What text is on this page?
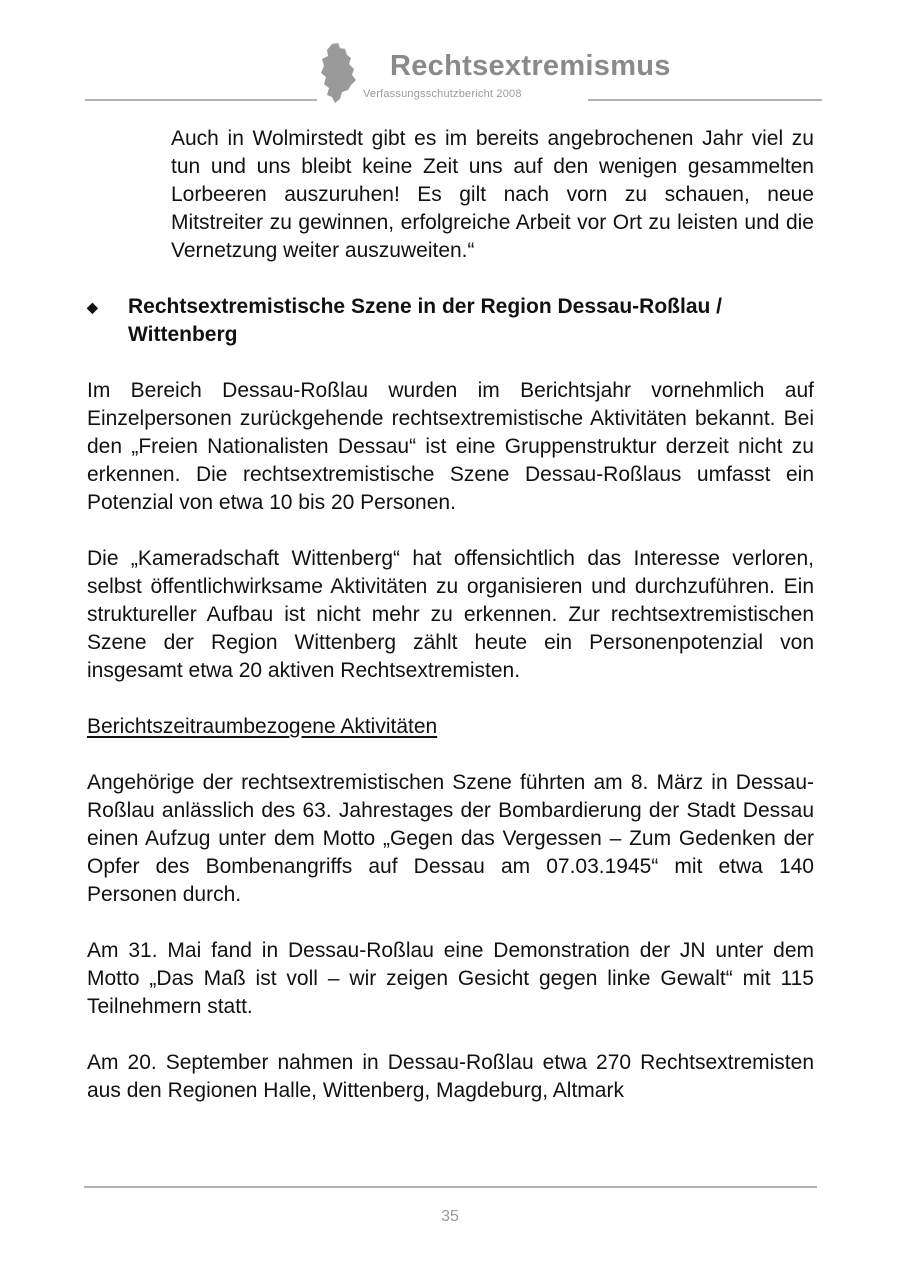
Rechtsextremismus
Verfassungsschutzbericht 2008

Auch in Wolmirstedt gibt es im bereits angebrochenen Jahr viel zu tun und uns bleibt keine Zeit uns auf den wenigen gesammelten Lorbeeren auszuruhen! Es gilt nach vorn zu schauen, neue Mitstreiter zu gewinnen, erfolgreiche Arbeit vor Ort zu leisten und die Vernetzung weiter auszuweiten.“

◆ Rechtsextremistische Szene in der Region Dessau-Roßlau / Wittenberg

Im Bereich Dessau-Roßlau wurden im Berichtsjahr vornehmlich auf Einzelpersonen zurückgehende rechtsextremistische Aktivitäten bekannt. Bei den „Freien Nationalisten Dessau“ ist eine Gruppenstruktur derzeit nicht zu erkennen. Die rechtsextremistische Szene Dessau-Roßlaus umfasst ein Potenzial von etwa 10 bis 20 Personen.

Die „Kameradschaft Wittenberg“ hat offensichtlich das Interesse verloren, selbst öffentlichwirksame Aktivitäten zu organisieren und durchzuführen. Ein struktureller Aufbau ist nicht mehr zu erkennen. Zur rechtsextremistischen Szene der Region Wittenberg zählt heute ein Personenpotenzial von insgesamt etwa 20 aktiven Rechtsextremisten.

Berichtszeitraumbezogene Aktivitäten

Angehörige der rechtsextremistischen Szene führten am 8. März in Dessau-Roßlau anlässlich des 63. Jahrestages der Bombardierung der Stadt Dessau einen Aufzug unter dem Motto „Gegen das Vergessen – Zum Gedenken der Opfer des Bombenangriffs auf Dessau am 07.03.1945“ mit etwa 140 Personen durch.

Am 31. Mai fand in Dessau-Roßlau eine Demonstration der JN unter dem Motto „Das Maß ist voll – wir zeigen Gesicht gegen linke Gewalt“ mit 115 Teilnehmern statt.

Am 20. September nahmen in Dessau-Roßlau etwa 270 Rechtsextremisten aus den Regionen Halle, Wittenberg, Magdeburg, Altmark

35
